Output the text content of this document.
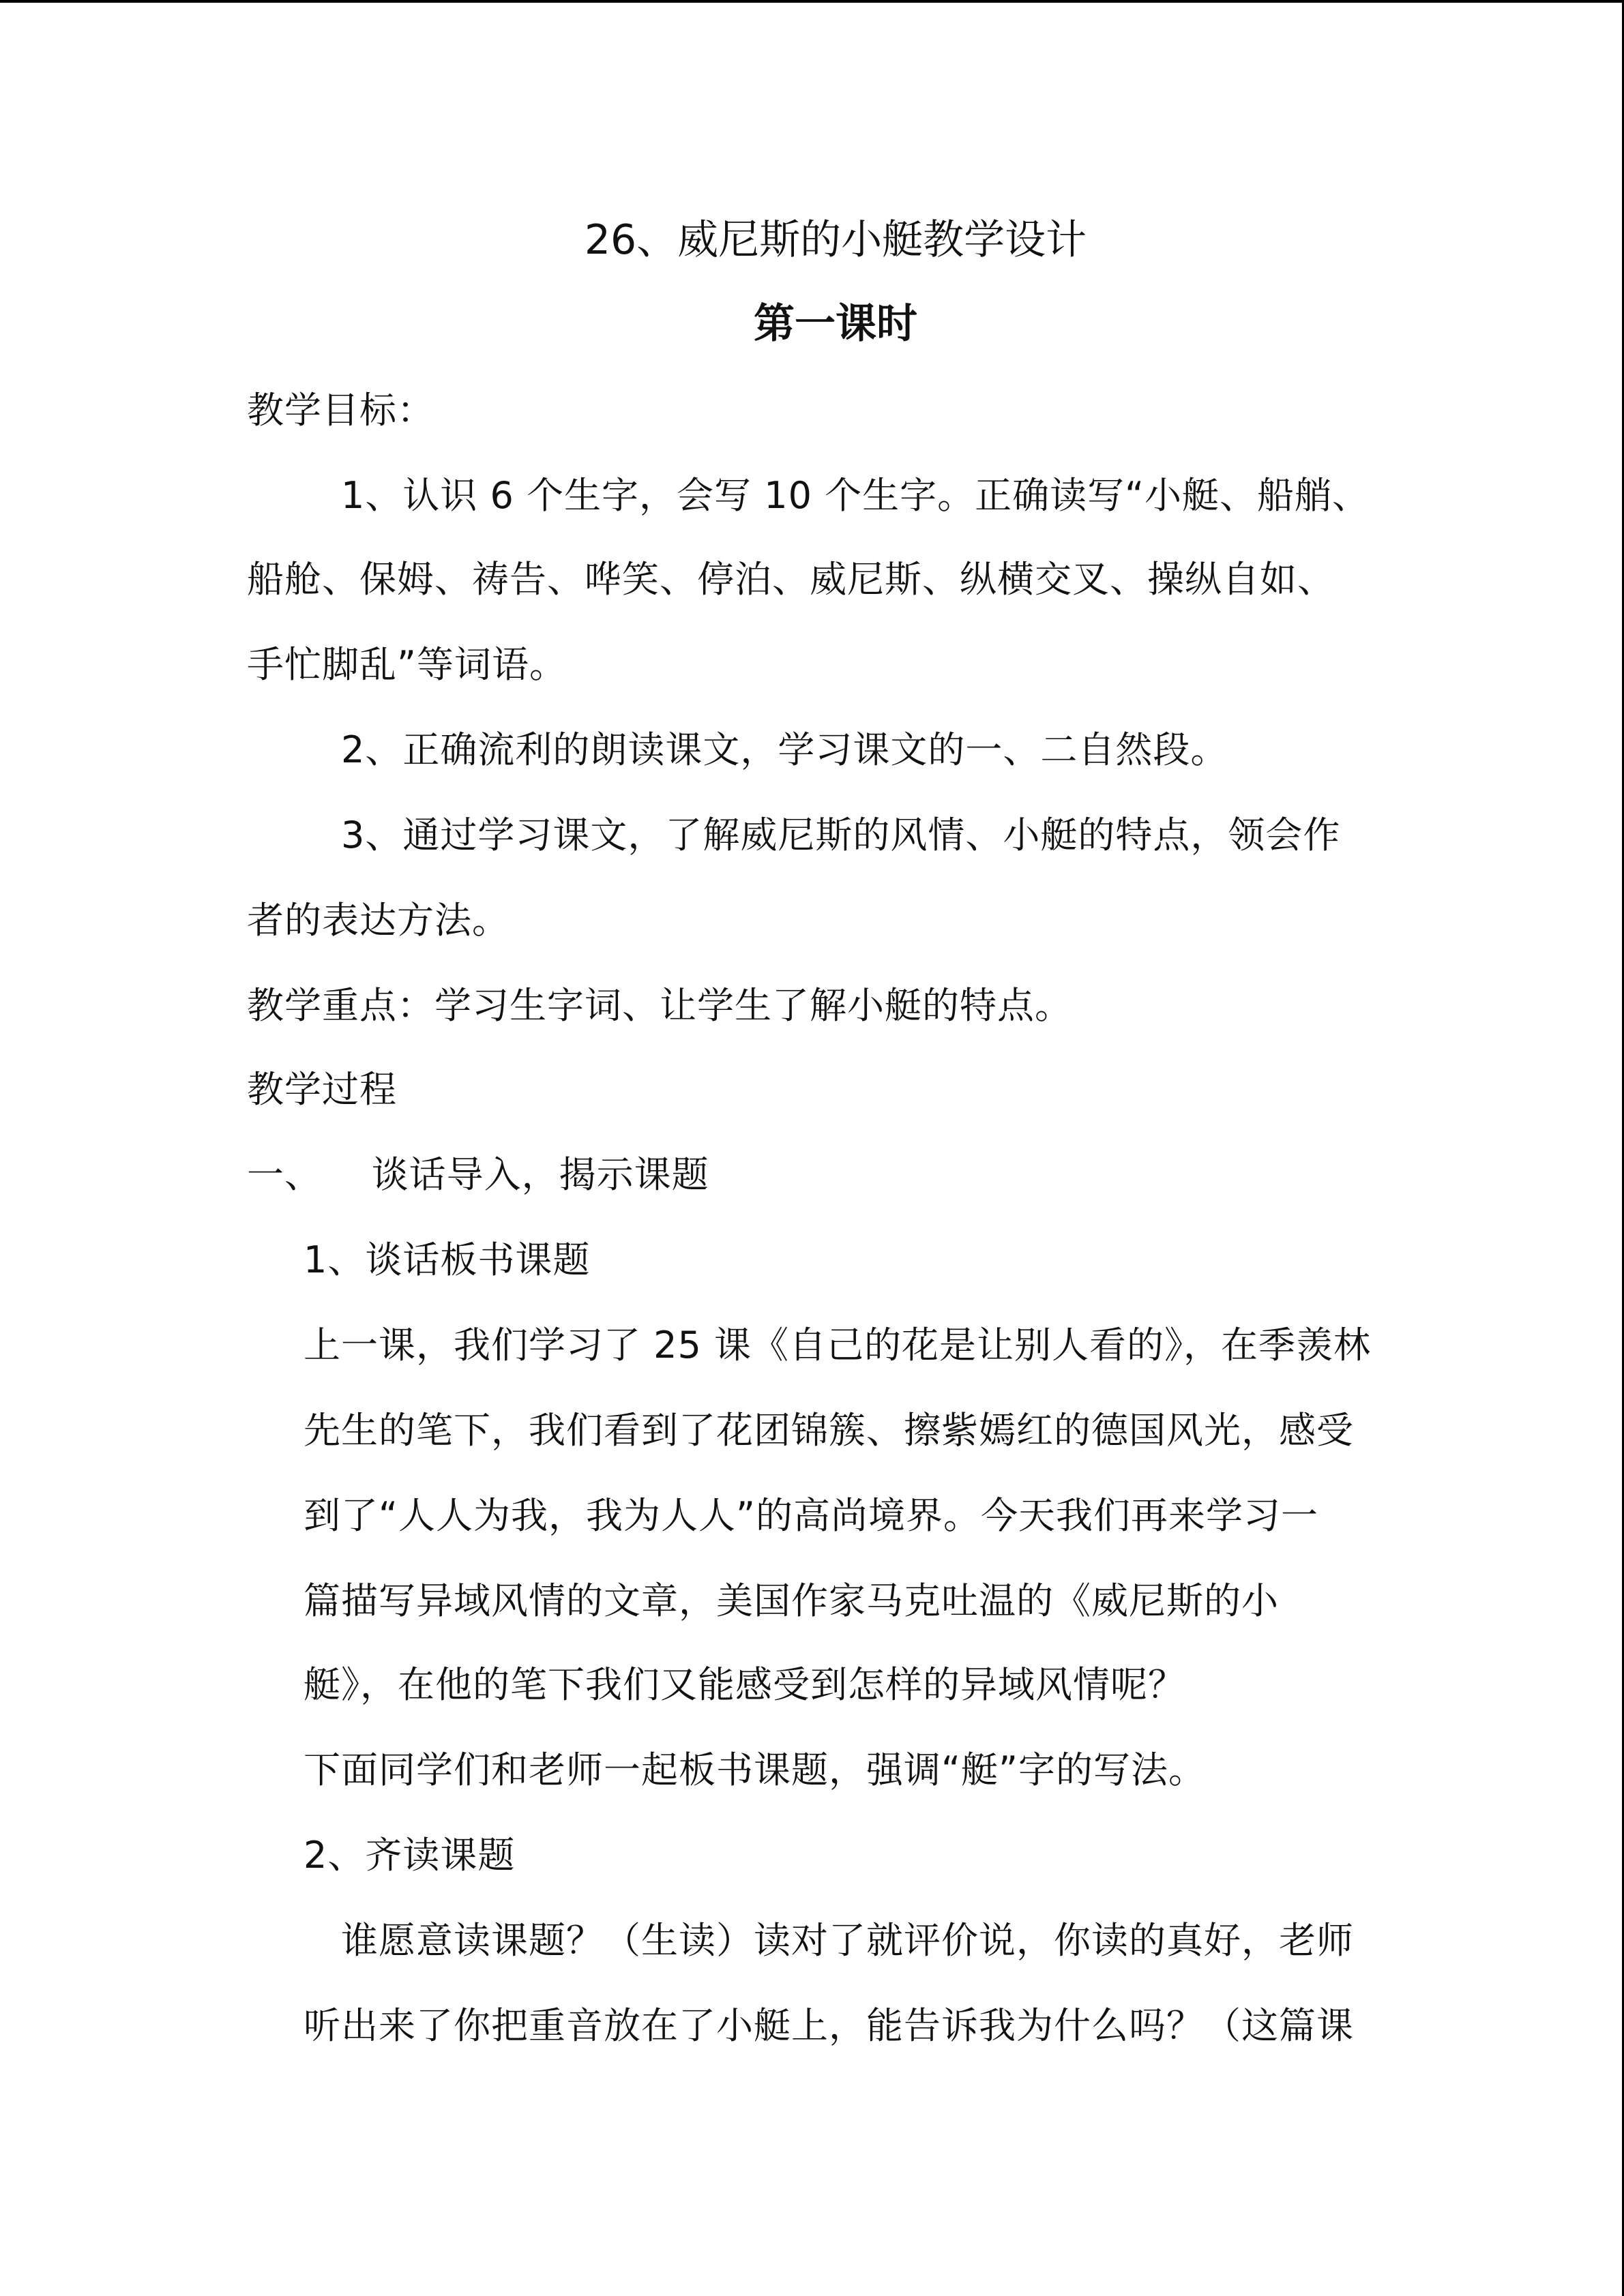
26、威尼斯的小艇教学设计
第一课时
教学目标：
1、认识 6 个生字，会写 10 个生字。正确读写“小艇、船艄、
船舱、保姆、祷告、哗笑、停泊、威尼斯、纵横交叉、操纵自如、
手忙脚乱”等词语。
2、正确流利的朗读课文，学习课文的一、二自然段。
3、通过学习课文，了解威尼斯的风情、小艇的特点，领会作
者的表达方法。
教学重点：学习生字词、让学生了解小艇的特点。
教学过程
一、    谈话导入，揭示课题
1、谈话板书课题
上一课，我们学习了 25 课《自己的花是让别人看的》，在季羡林
先生的笔下，我们看到了花团锦簇、擦紫嫣红的德国风光，感受
到了“人人为我，我为人人”的高尚境界。今天我们再来学习一
篇描写异域风情的文章，美国作家马克吐温的《威尼斯的小
艇》，在他的笔下我们又能感受到怎样的异域风情呢？
下面同学们和老师一起板书课题，强调“艇”字的写法。
2、齐读课题
谁愿意读课题？（生读）读对了就评价说，你读的真好，老师
听出来了你把重音放在了小艇上，能告诉我为什么吗？（这篇课
